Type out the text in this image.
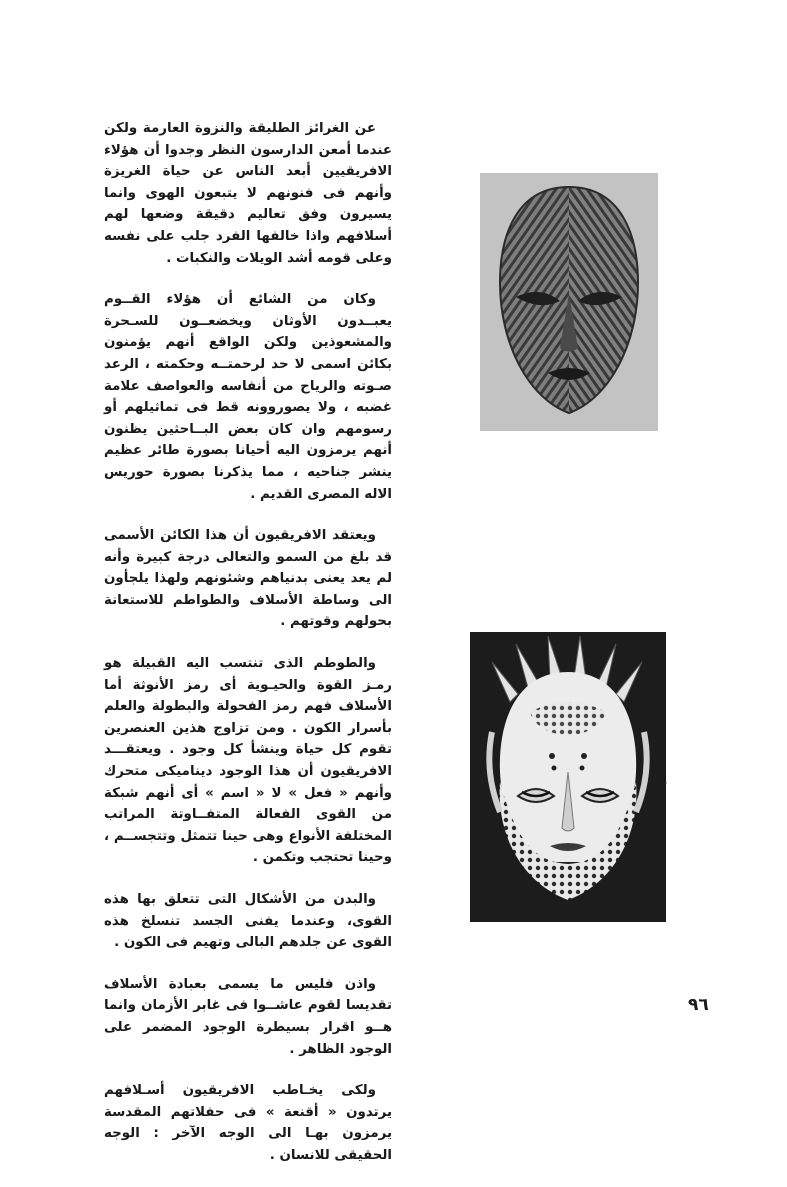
عن الغرائز الطليقة والنزوة العارمة ولكن عندما أمعن الدارسون النظر وجدوا أن هؤلاء الافريقيين أبعد الناس عن حياة الغريزة وأنهم فى فنونهم لا يتبعون الهوى وانما يسيرون وفق تعاليم دقيقة وضعها لهم أسلافهم واذا خالفها الفرد جلب على نفسه وعلى قومه أشد الويلات والنكبات .

وكان من الشائع أن هؤلاء القــوم يعبــدون الأوثان ويخضعــون للسـحرة والمشعوذين ولكن الواقع أنهم يؤمنون بكائن اسمى لا حد لرحمتــه وحكمته ، الرعد صـوته والرياح من أنفاسه والعواصف علامة غضبه ، ولا يصوروونه قط فى تماثيلهم أو رسومهم وان كان بعض البــاحثين يظنون أنهم يرمزون اليه أحيانا بصورة طائر عظيم ينشر جناحيه ، مما يذكرنا بصورة حوريس الاله المصرى القديم .

ويعتقد الافريقيون أن هذا الكائن الأسمى قد بلغ من السمو والتعالى درجة كبيرة وأنه لم يعد يعنى بدنياهم وشئونهم ولهذا يلجأون الى وساطة الأسلاف والطواطم للاستعانة بحولهم وقوتهم .

والطوطم الذى تنتسب اليه القبيلة هو رمـز القوة والحيـوية أى رمز الأنوثة أما الأسلاف فهم رمز الفحولة والبطولة والعلم بأسرار الكون . ومن تزاوج هذين العنصرين تقوم كل حياة وينشأ كل وجود . ويعتقـــد الافريقيون أن هذا الوجود ديناميكى متحرك وأنهم « فعل » لا « اسم » أى أنهم شبكة من القوى الفعالة المتفــاوتة المراتب المختلفة الأنواع وهى حينا تتمثل وتتجســم ، وحينا تحتجب وتكمن .

والبدن من الأشكال التى تتعلق بها هذه القوى، وعندما يفنى الجسد تنسلخ هذه القوى عن جلدهم البالى وتهيم فى الكون .

واذن فليس ما يسمى بعبادة الأسلاف تقديسا لقوم عاشــوا فى غابر الأزمان وانما هــو اقرار بسيطرة الوجود المضمر على الوجود الظاهر .

ولكى يخـاطب الافريقيون أسـلافهم يرتدون « أقنعة » فى حفلاتهم المقدسة يرمزون بهـا الى الوجه الآخر : الوجه الحقيقى للانسان .

·
٩٦
